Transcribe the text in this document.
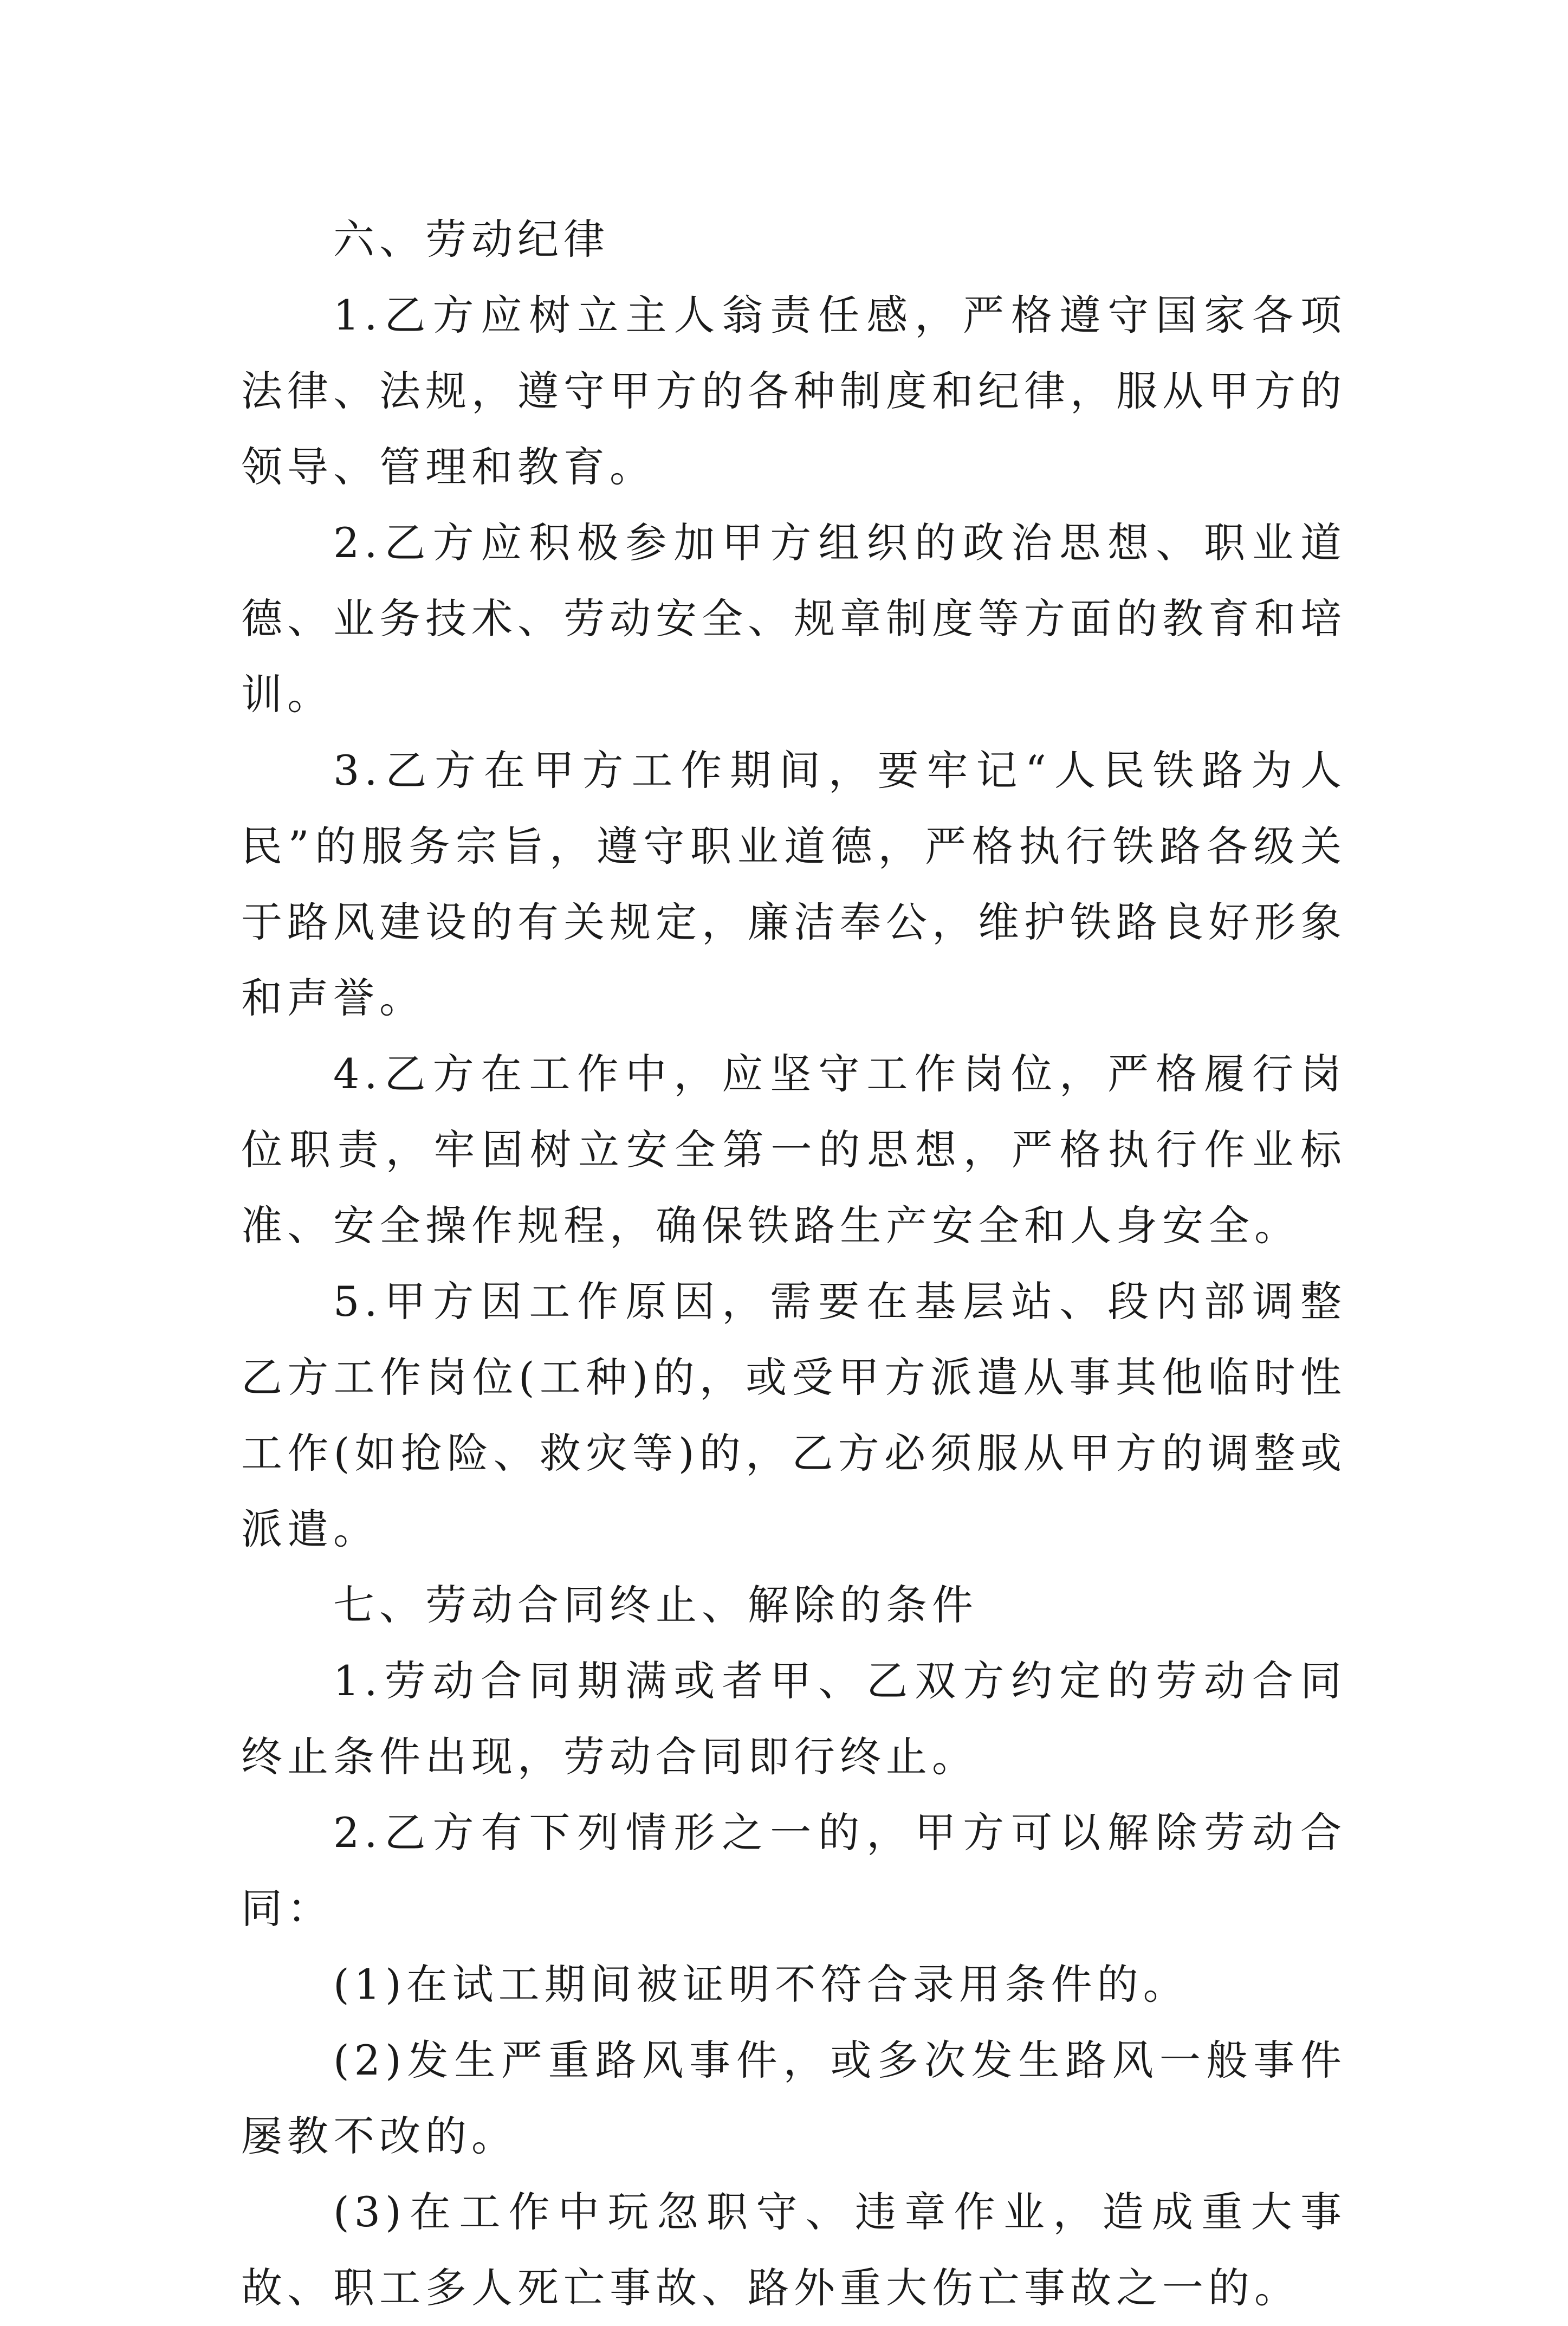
六、劳动纪律

1.乙方应树立主人翁责任感，严格遵守国家各项法律、法规，遵守甲方的各种制度和纪律，服从甲方的领导、管理和教育。

2.乙方应积极参加甲方组织的政治思想、职业道德、业务技术、劳动安全、规章制度等方面的教育和培训。

3.乙方在甲方工作期间，要牢记“人民铁路为人民”的服务宗旨，遵守职业道德，严格执行铁路各级关于路风建设的有关规定，廉洁奉公，维护铁路良好形象和声誉。

4.乙方在工作中，应坚守工作岗位，严格履行岗位职责，牢固树立安全第一的思想，严格执行作业标准、安全操作规程，确保铁路生产安全和人身安全。

5.甲方因工作原因，需要在基层站、段内部调整乙方工作岗位(工种)的，或受甲方派遣从事其他临时性工作(如抢险、救灾等)的，乙方必须服从甲方的调整或派遣。

七、劳动合同终止、解除的条件

1.劳动合同期满或者甲、乙双方约定的劳动合同终止条件出现，劳动合同即行终止。

2.乙方有下列情形之一的，甲方可以解除劳动合同：

(1)在试工期间被证明不符合录用条件的。

(2)发生严重路风事件，或多次发生路风一般事件屡教不改的。

(3)在工作中玩忽职守、违章作业，造成重大事故、职工多人死亡事故、路外重大伤亡事故之一的。
